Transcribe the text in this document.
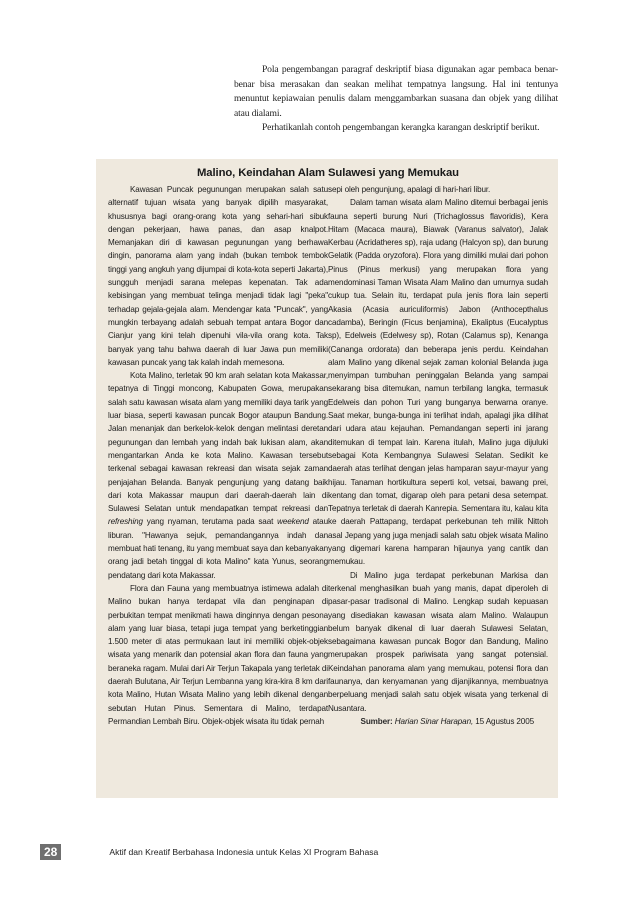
Pola pengembangan paragraf deskriptif biasa digunakan agar pembaca benar-benar bisa merasakan dan seakan melihat tempatnya langsung. Hal ini tentunya menuntut kepiawaian penulis dalam menggambarkan suasana dan objek yang dilihat atau dialami.

Perhatikanlah contoh pengembangan kerangka karangan deskriptif berikut.

Malino, Keindahan Alam Sulawesi yang Memukau

Kawasan Puncak pegunungan merupakan salah satu alternatif tujuan wisata yang banyak dipilih masyarakat, khususnya bagi orang-orang kota yang sehari-hari sibuk dengan pekerjaan, hawa panas, dan asap knalpot. Memanjakan diri di kawasan pegunungan yang berhawa dingin, panorama alam yang indah (bukan tembok tembok tinggi yang angkuh yang dijumpai di kota-kota seperti Jakarta), sungguh menjadi sarana melepas kepenatan. Tak ada kebisingan yang membuat telinga menjadi tidak lagi "peka" terhadap gejala-gejala alam. Mendengar kata "Puncak", yang mungkin terbayang adalah sebuah tempat antara Bogor dan Cianjur yang kini telah dipenuhi vila-vila orang kota. Tak banyak yang tahu bahwa daerah di luar Jawa pun memiliki kawasan puncak yang tak kalah indah memesona.

Kota Malino, terletak 90 km arah selatan kota Makassar, tepatnya di Tinggi moncong, Kabupaten Gowa, merupakan salah satu kawasan wisata alam yang memiliki daya tarik yang luar biasa, seperti kawasan puncak Bogor ataupun Bandung. Jalan menanjak dan berkelok-kelok dengan melintasi deretan pegunungan dan lembah yang indah bak lukisan alam, akan mengantarkan Anda ke kota Malino. Kawasan tersebut terkenal sebagai kawasan rekreasi dan wisata sejak zaman penjajahan Belanda. Banyak pengunjung yang datang baik dari kota Makassar maupun dari daerah-daerah lain di Sulawesi Selatan untuk mendapatkan tempat rekreasi dan refreshing yang nyaman, terutama pada saat weekend atau liburan. "Hawanya sejuk, pemandangannya indah dan membuat hati tenang, itu yang membuat saya dan kebanyakan orang jadi betah tinggal di kota Malino" kata Yunus, seorang pendatang dari kota Makassar.

Flora dan Fauna yang membuatnya istimewa adalah di Malino bukan hanya terdapat vila dan penginapan di perbukitan tempat menikmati hawa dinginnya dengan pesona alam yang luar biasa, tetapi juga tempat yang berketinggian 1.500 meter di atas permukaan laut ini memiliki objek-objek wisata yang menarik dan potensial akan flora dan fauna yang beraneka ragam. Mulai dari Air Terjun Takapala yang terletak di daerah Bulutana, Air Terjun Lembanna yang kira-kira 8 km dari kota Malino, Hutan Wisata Malino yang lebih dikenal dengan sebutan Hutan Pinus. Sementara di Malino, terdapat Permandian Lembah Biru. Objek-objek wisata itu tidak pernah

sepi oleh pengunjung, apalagi di hari-hari libur.

Dalam taman wisata alam Malino ditemui berbagai jenis fauna seperti burung Nuri (Trichaglossus flavoridis), Kera Hitam (Macaca maura), Biawak (Varanus salvator), Jalak Kerbau (Acridatheres sp), raja udang (Halcyon sp), dan burung Gelatik (Padda oryzofora). Flora yang dimiliki mulai dari pohon Pinus (Pinus merkusi) yang merupakan flora yang mendominasi Taman Wisata Alam Malino dan umurnya sudah cukup tua. Selain itu, terdapat pula jenis flora lain seperti Akasia (Acasia auriculiformis) Jabon (Anthocepthalus cadamba), Beringin (Ficus benjamina), Ekaliptus (Eucalyptus sp), Edelweis (Edelwesy sp), Rotan (Calamus sp), Kenanga (Cananga ordorata) dan beberapa jenis perdu. Keindahan alam Malino yang dikenal sejak zaman kolonial Belanda juga menyimpan tumbuhan peninggalan Belanda yang sampai sekarang bisa ditemukan, namun terbilang langka, termasuk Edelweis dan pohon Turi yang bunganya berwarna oranye. Saat mekar, bunga-bunga ini terlihat indah, apalagi jika dilihat dari udara atau kejauhan. Pemandangan seperti ini jarang ditemukan di tempat lain. Karena itulah, Malino juga dijuluki sebagai Kota Kembangnya Sulawesi Selatan. Sedikit ke daerah atas terlihat dengan jelas hamparan sayur-mayur yang hijau. Tanaman hortikultura seperti kol, vetsai, bawang prei, kentang dan tomat, digarap oleh para petani desa setempat. Tepatnya terletak di daerah Kanrepia. Sementara itu, kalau kita ke daerah Pattapang, terdapat perkebunan teh milik Nittoh asal Jepang yang juga menjadi salah satu objek wisata Malino yang digemari karena hamparan hijaunya yang cantik dan memukau.

Di Malino juga terdapat perkebunan Markisa dan terkenal menghasilkan buah yang manis, dapat diperoleh di pasar-pasar tradisonal di Malino. Lengkap sudah kepuasan yang disediakan kawasan wisata alam Malino. Walaupun belum banyak dikenal di luar daerah Sulawesi Selatan, sebagaimana kawasan puncak Bogor dan Bandung, Malino merupakan prospek pariwisata yang sangat potensial. Keindahan panorama alam yang memukau, potensi flora dan faunanya, dan kenyamanan yang dijanjikannya, membuatnya berpeluang menjadi salah satu objek wisata yang terkenal di Nusantara.

Sumber: Harian Sinar Harapan, 15 Agustus 2005

28	Aktif dan Kreatif Berbahasa Indonesia untuk Kelas XI Program Bahasa
